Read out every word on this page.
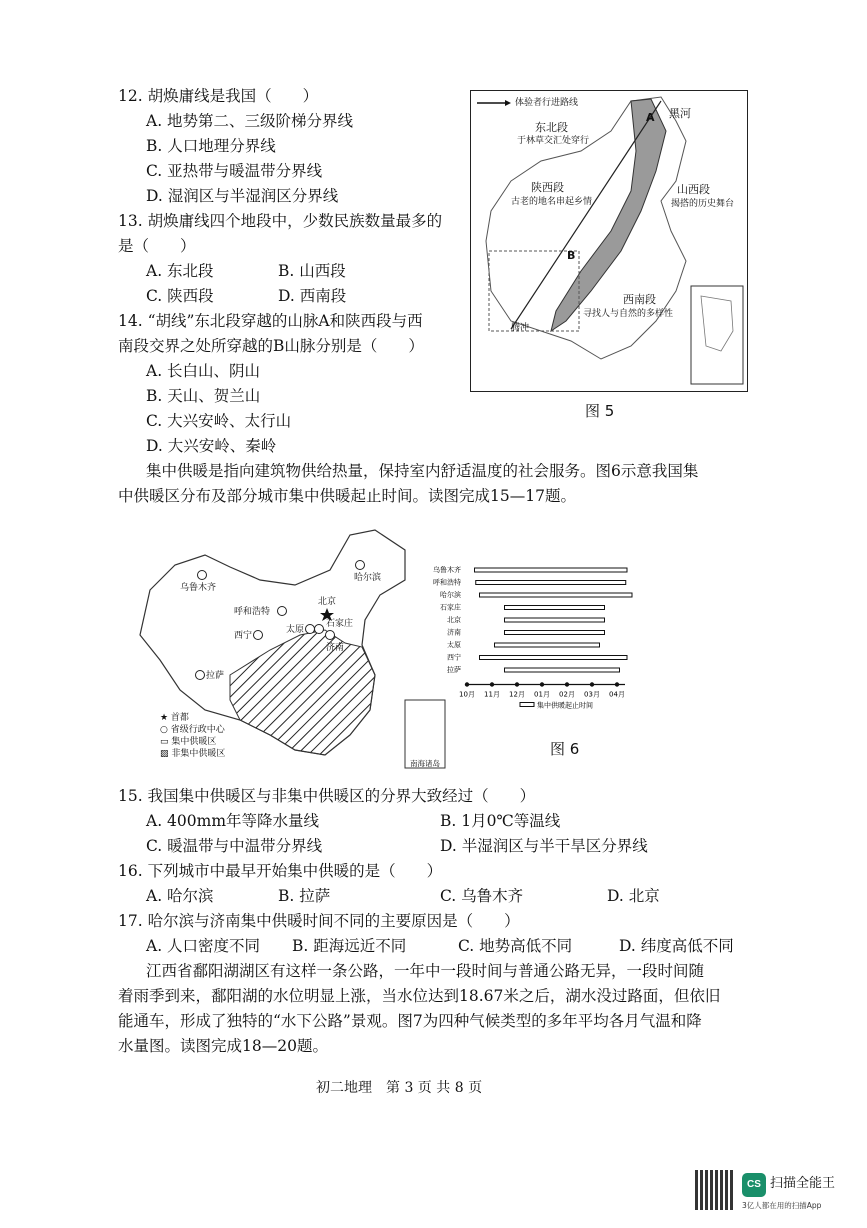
12. 胡焕庸线是我国（　　）
A. 地势第二、三级阶梯分界线
B. 人口地理分界线
C. 亚热带与暖温带分界线
D. 湿润区与半湿润区分界线
13. 胡焕庸线四个地段中，少数民族数量最多的
是（　　）
A. 东北段	B. 山西段
C. 陕西段	D. 西南段
14. “胡线”东北段穿越的山脉A和陕西段与西
南段交界之处所穿越的B山脉分别是（　　）
A. 长白山、阴山
B. 天山、贺兰山
C. 大兴安岭、太行山
D. 大兴安岭、秦岭
体验者行进路线
黑河
东北段
于林草交汇处穿行
陕西段
古老的地名串起乡情
山西段
揭搭的历史舞台
西南段
寻找人与自然的多样性
腾冲
A
B
图 5
集中供暖是指向建筑物供给热量，保持室内舒适温度的社会服务。图6示意我国集
中供暖区分布及部分城市集中供暖起止时间。读图完成15—17题。
乌鲁木齐
哈尔滨
呼和浩特
北京
石家庄
太原
西宁
济南
拉萨
★ 首都
○ 省级行政中心
▭ 集中供暖区
▨ 非集中供暖区
南海诸岛
10月 11月 12月 01月 02月 03月 04月
乌鲁木齐
呼和浩特
哈尔滨
石家庄
北京
济南
太原
西宁
拉萨
集中供暖起止时间
图 6
15. 我国集中供暖区与非集中供暖区的分界大致经过（　　）
A. 400mm年等降水量线	B. 1月0℃等温线
C. 暖温带与中温带分界线	D. 半湿润区与半干旱区分界线
16. 下列城市中最早开始集中供暖的是（　　）
A. 哈尔滨	B. 拉萨	C. 乌鲁木齐	D. 北京
17. 哈尔滨与济南集中供暖时间不同的主要原因是（　　）
A. 人口密度不同 B. 距海远近不同	C. 地势高低不同	D. 纬度高低不同
江西省鄱阳湖湖区有这样一条公路，一年中一段时间与普通公路无异，一段时间随
着雨季到来，鄱阳湖的水位明显上涨，当水位达到18.67米之后，湖水没过路面，但依旧
能通车，形成了独特的“水下公路”景观。图7为四种气候类型的多年平均各月气温和降
水量图。读图完成18—20题。
初二地理　第 3 页 共 8 页
CS 扫描全能王
3亿人都在用的扫描App
